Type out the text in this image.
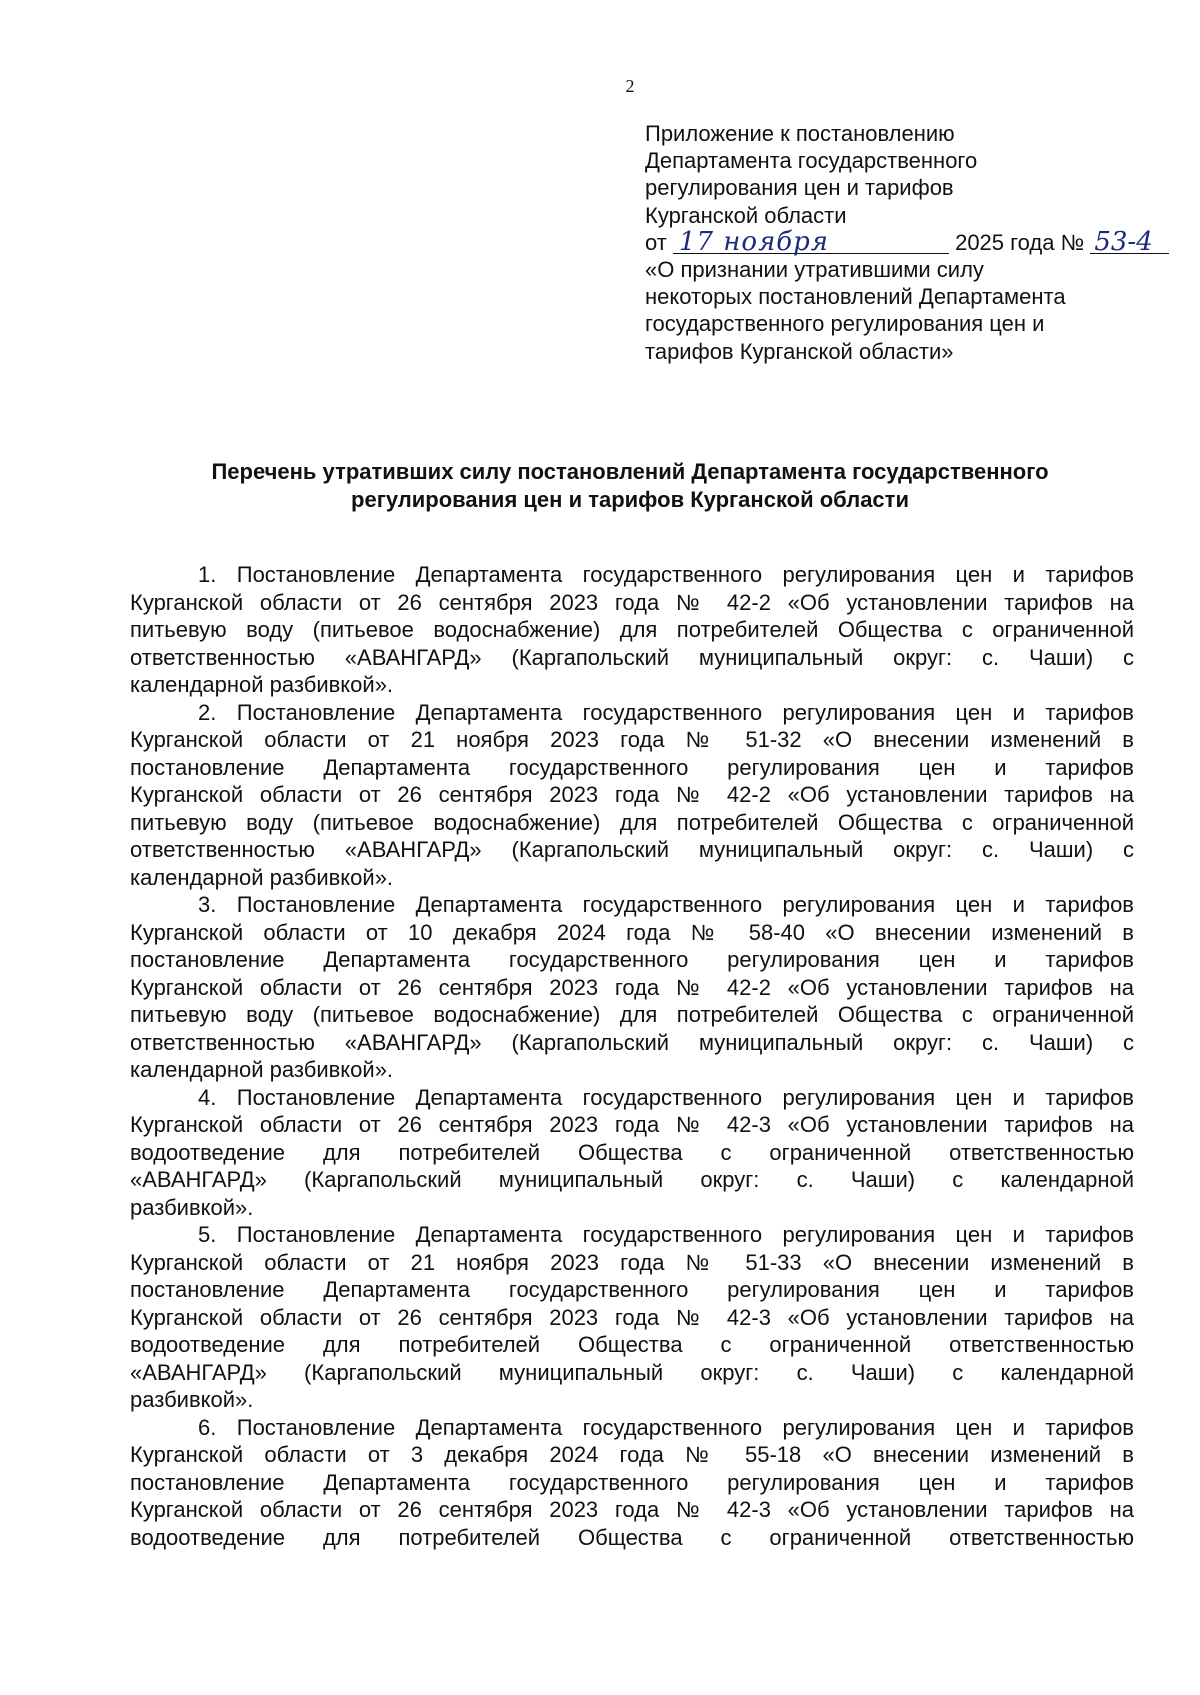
2
Приложение к постановлению
Департамента государственного
регулирования цен и тарифов
Курганской области
от 17 ноября	2025 года № 53-4
«О признании утратившими силу
некоторых постановлений Департамента
государственного регулирования цен и
тарифов Курганской области»
Перечень утративших силу постановлений Департамента государственного
регулирования цен и тарифов Курганской области
1. Постановление Департамента государственного регулирования цен и тарифов
Курганской области от 26 сентября 2023 года № 42-2 «Об установлении тарифов на
питьевую воду (питьевое водоснабжение) для потребителей Общества с ограниченной
ответственностью «АВАНГАРД» (Каргапольский муниципальный округ: с. Чаши) с
календарной разбивкой».
2. Постановление Департамента государственного регулирования цен и тарифов
Курганской области от 21 ноября 2023 года № 51-32 «О внесении изменений в
постановление Департамента государственного регулирования цен и тарифов
Курганской области от 26 сентября 2023 года № 42-2 «Об установлении тарифов на
питьевую воду (питьевое водоснабжение) для потребителей Общества с ограниченной
ответственностью «АВАНГАРД» (Каргапольский муниципальный округ: с. Чаши) с
календарной разбивкой».
3. Постановление Департамента государственного регулирования цен и тарифов
Курганской области от 10 декабря 2024 года № 58-40 «О внесении изменений в
постановление Департамента государственного регулирования цен и тарифов
Курганской области от 26 сентября 2023 года № 42-2 «Об установлении тарифов на
питьевую воду (питьевое водоснабжение) для потребителей Общества с ограниченной
ответственностью «АВАНГАРД» (Каргапольский муниципальный округ: с. Чаши) с
календарной разбивкой».
4. Постановление Департамента государственного регулирования цен и тарифов
Курганской области от 26 сентября 2023 года № 42-3 «Об установлении тарифов на
водоотведение для потребителей Общества с ограниченной ответственностью
«АВАНГАРД» (Каргапольский муниципальный округ: с. Чаши) с календарной
разбивкой».
5. Постановление Департамента государственного регулирования цен и тарифов
Курганской области от 21 ноября 2023 года № 51-33 «О внесении изменений в
постановление Департамента государственного регулирования цен и тарифов
Курганской области от 26 сентября 2023 года № 42-3 «Об установлении тарифов на
водоотведение для потребителей Общества с ограниченной ответственностью
«АВАНГАРД» (Каргапольский муниципальный округ: с. Чаши) с календарной
разбивкой».
6. Постановление Департамента государственного регулирования цен и тарифов
Курганской области от 3 декабря 2024 года № 55-18 «О внесении изменений в
постановление Департамента государственного регулирования цен и тарифов
Курганской области от 26 сентября 2023 года № 42-3 «Об установлении тарифов на
водоотведение для потребителей Общества с ограниченной ответственностью
